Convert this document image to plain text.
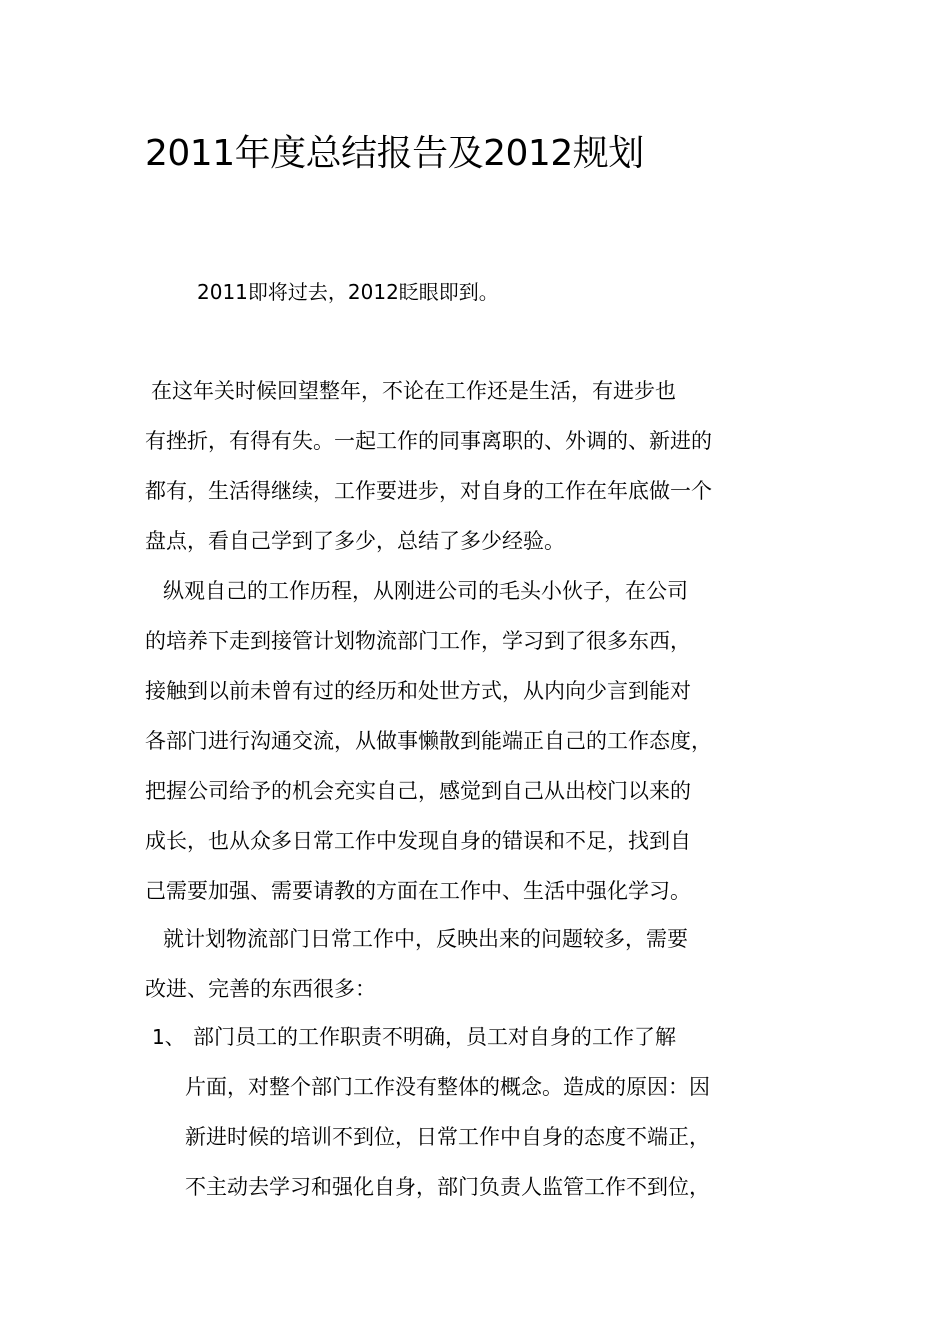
2011年度总结报告及2012规划

2011即将过去，2012眨眼即到。

在这年关时候回望整年，不论在工作还是生活，有进步也
有挫折，有得有失。一起工作的同事离职的、外调的、新进的
都有，生活得继续，工作要进步，对自身的工作在年底做一个
盘点，看自己学到了多少，总结了多少经验。
纵观自己的工作历程，从刚进公司的毛头小伙子，在公司
的培养下走到接管计划物流部门工作，学习到了很多东西，
接触到以前未曾有过的经历和处世方式，从内向少言到能对
各部门进行沟通交流，从做事懒散到能端正自己的工作态度，
把握公司给予的机会充实自己，感觉到自己从出校门以来的
成长，也从众多日常工作中发现自身的错误和不足，找到自
己需要加强、需要请教的方面在工作中、生活中强化学习。
就计划物流部门日常工作中，反映出来的问题较多，需要
改进、完善的东西很多：
1、 部门员工的工作职责不明确，员工对自身的工作了解
片面，对整个部门工作没有整体的概念。造成的原因：因
新进时候的培训不到位，日常工作中自身的态度不端正，
不主动去学习和强化自身，部门负责人监管工作不到位，
